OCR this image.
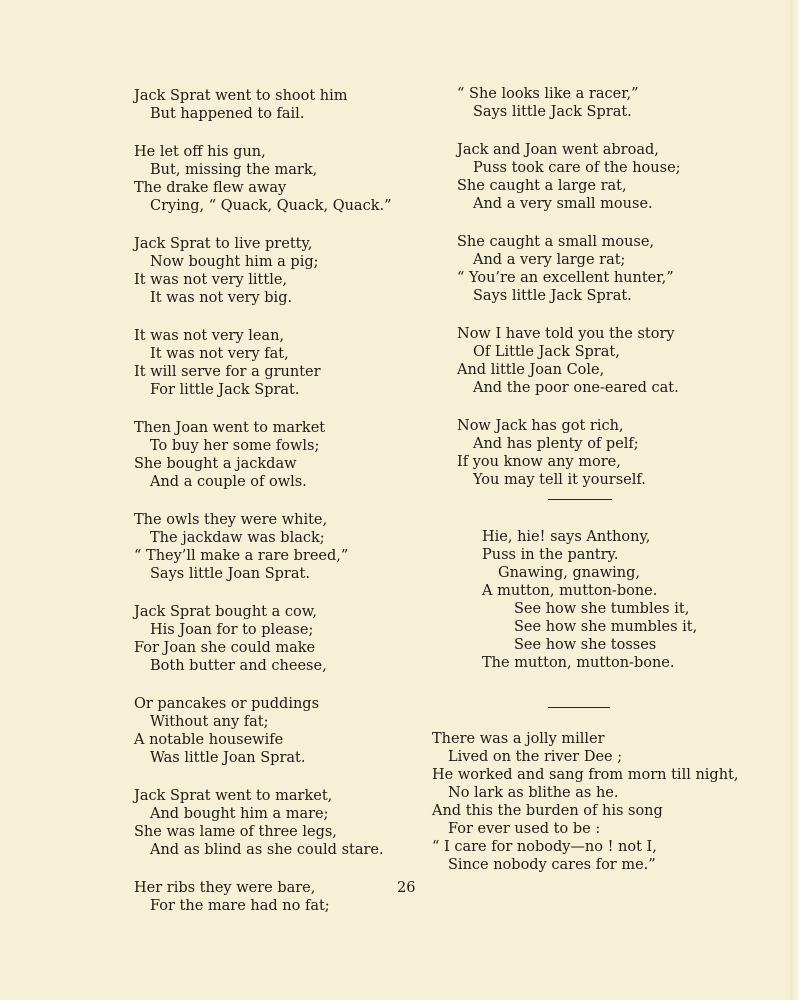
Jack Sprat went to shoot him
But happened to fail.
He let off his gun,
But, missing the mark,
The drake flew away
Crying, “ Quack, Quack, Quack.”
Jack Sprat to live pretty,
Now bought him a pig;
It was not very little,
It was not very big.
It was not very lean,
It was not very fat,
It will serve for a grunter
For little Jack Sprat.
Then Joan went to market
To buy her some fowls;
She bought a jackdaw
And a couple of owls.
The owls they were white,
The jackdaw was black;
“ They’ll make a rare breed,”
Says little Joan Sprat.
Jack Sprat bought a cow,
His Joan for to please;
For Joan she could make
Both butter and cheese,
Or pancakes or puddings
Without any fat;
A notable housewife
Was little Joan Sprat.
Jack Sprat went to market,
And bought him a mare;
She was lame of three legs,
And as blind as she could stare.
Her ribs they were bare,
For the mare had no fat;
“ She looks like a racer,”
Says little Jack Sprat.
Jack and Joan went abroad,
Puss took care of the house;
She caught a large rat,
And a very small mouse.
She caught a small mouse,
And a very large rat;
“ You’re an excellent hunter,”
Says little Jack Sprat.
Now I have told you the story
Of Little Jack Sprat,
And little Joan Cole,
And the poor one-eared cat.
Now Jack has got rich,
And has plenty of pelf;
If you know any more,
You may tell it yourself.
Hie, hie! says Anthony,
Puss in the pantry.
Gnawing, gnawing,
A mutton, mutton-bone.
See how she tumbles it,
See how she mumbles it,
See how she tosses
The mutton, mutton-bone.
There was a jolly miller
Lived on the river Dee ;
He worked and sang from morn till night,
No lark as blithe as he.
And this the burden of his song
For ever used to be :
“ I care for nobody—no ! not I,
Since nobody cares for me.”
26
